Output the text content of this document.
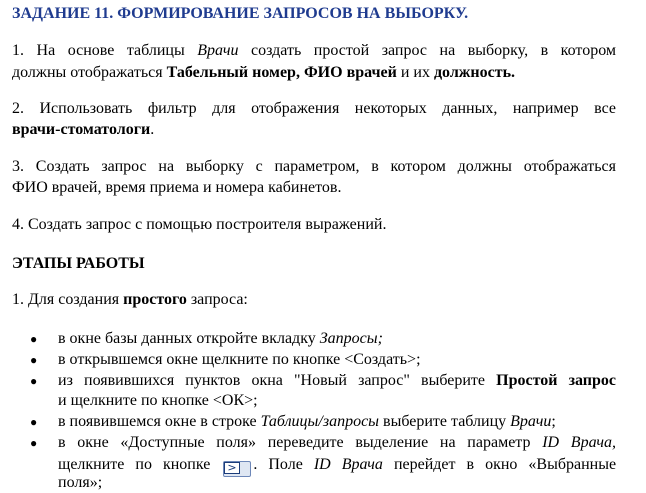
ЗАДАНИЕ 11. ФОРМИРОВАНИЕ ЗАПРОСОВ НА ВЫБОРКУ.
1. На основе таблицы Врачи создать простой запрос на выборку, в котором
должны отображаться Табельный номер, ФИО врачей и их должность.
2. Использовать фильтр для отображения некоторых данных, например все
врачи-стоматологи.
3. Создать запрос на выборку с параметром, в котором должны отображаться
ФИО врачей, время приема и номера кабинетов.
4. Создать запрос с помощью построителя выражений.
ЭТАПЫ РАБОТЫ
1. Для создания простого запроса:
● в окне базы данных откройте вкладку Запросы;
● в открывшемся окне щелкните по кнопке <Создать>;
● из появившихся пунктов окна "Новый запрос" выберите Простой запрос
и щелкните по кнопке <ОК>;
● в появившемся окне в строке Таблицы/запросы выберите таблицу Врачи;
● в окне «Доступные поля» переведите выделение на параметр ID Врача,
щелкните по кнопке > . Поле ID Врача перейдет в окно «Выбранные
поля»;
